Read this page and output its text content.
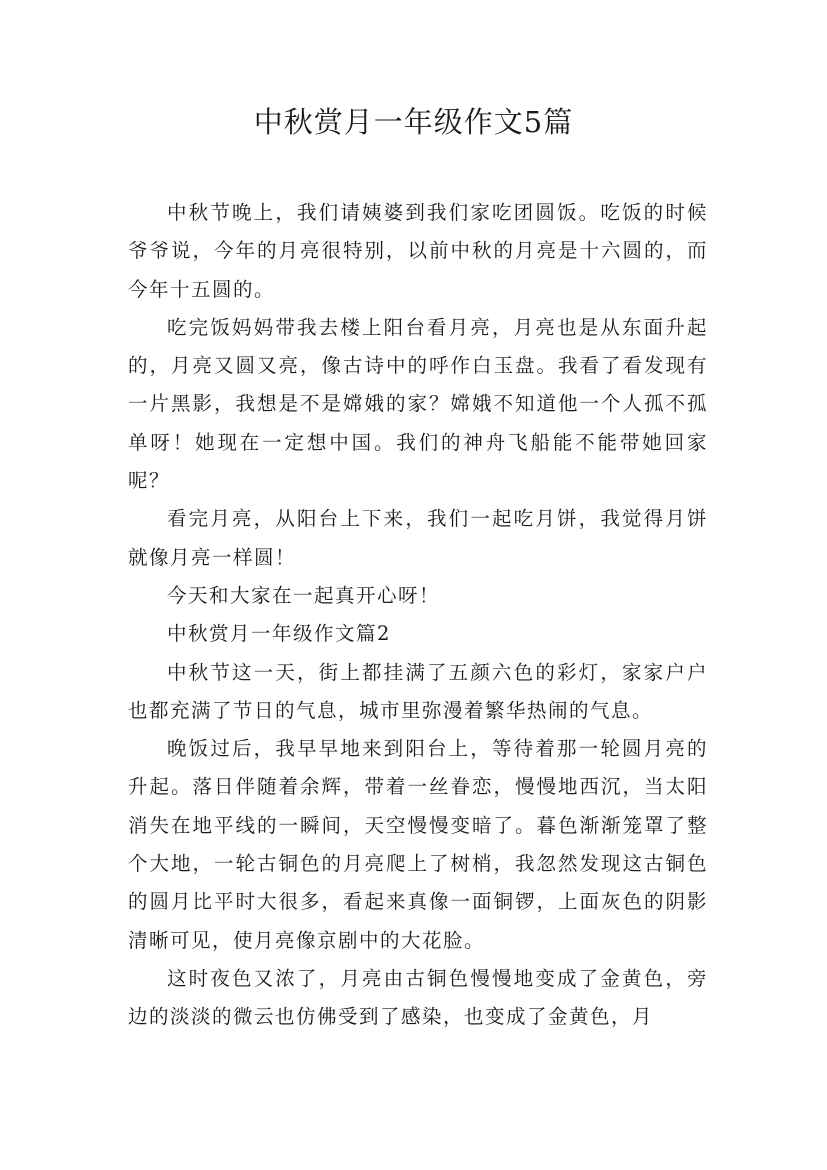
中秋赏月一年级作文5篇

中秋节晚上，我们请姨婆到我们家吃团圆饭。吃饭的时候爷爷说，今年的月亮很特别，以前中秋的月亮是十六圆的，而今年十五圆的。

吃完饭妈妈带我去楼上阳台看月亮，月亮也是从东面升起的，月亮又圆又亮，像古诗中的呼作白玉盘。我看了看发现有一片黑影，我想是不是嫦娥的家？嫦娥不知道他一个人孤不孤单呀！她现在一定想中国。我们的神舟飞船能不能带她回家呢？

看完月亮，从阳台上下来，我们一起吃月饼，我觉得月饼就像月亮一样圆！

今天和大家在一起真开心呀！

中秋赏月一年级作文篇2

中秋节这一天，街上都挂满了五颜六色的彩灯，家家户户也都充满了节日的气息，城市里弥漫着繁华热闹的气息。

晚饭过后，我早早地来到阳台上，等待着那一轮圆月亮的升起。落日伴随着余辉，带着一丝眷恋，慢慢地西沉，当太阳消失在地平线的一瞬间，天空慢慢变暗了。暮色渐渐笼罩了整个大地，一轮古铜色的月亮爬上了树梢，我忽然发现这古铜色的圆月比平时大很多，看起来真像一面铜锣，上面灰色的阴影清晰可见，使月亮像京剧中的大花脸。

这时夜色又浓了，月亮由古铜色慢慢地变成了金黄色，旁边的淡淡的微云也仿佛受到了感染，也变成了金黄色，月
